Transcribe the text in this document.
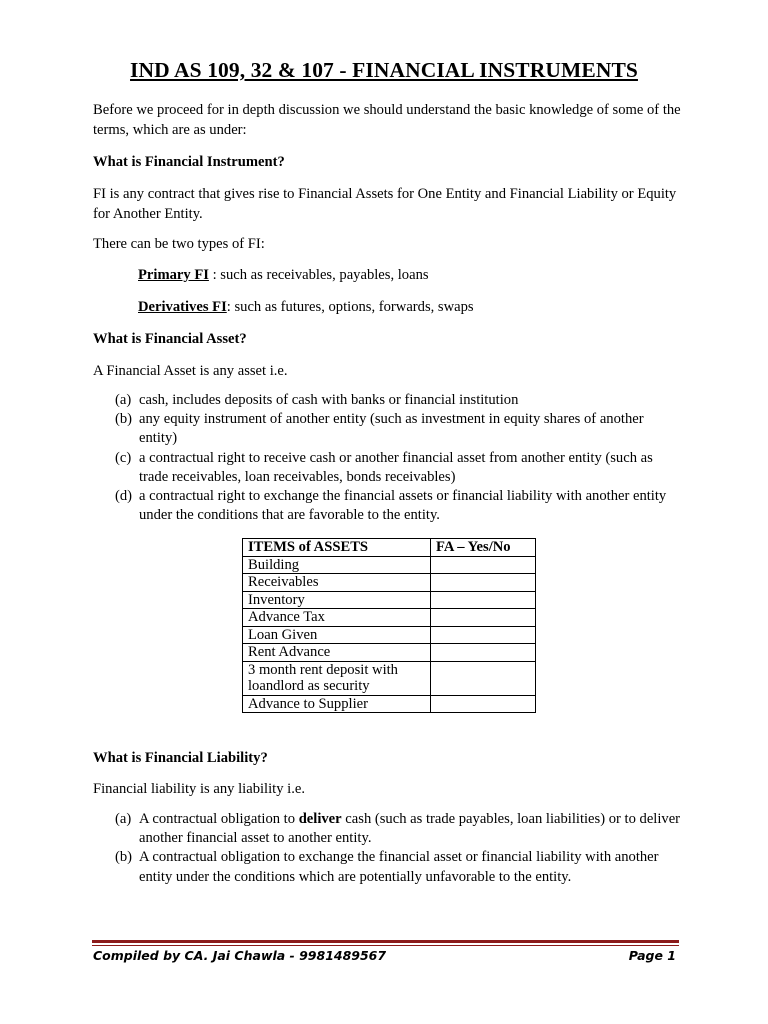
IND AS 109, 32 & 107 - FINANCIAL INSTRUMENTS
Before we proceed for in depth discussion we should understand the basic knowledge of some of the terms, which are as under:
What is Financial Instrument?
FI is any contract that gives rise to Financial Assets for One Entity and Financial Liability or Equity for Another Entity.
There can be two types of FI:
Primary FI : such as receivables, payables, loans
Derivatives FI: such as futures, options, forwards, swaps
What is Financial Asset?
A Financial Asset is any asset i.e.
(a) cash, includes deposits of cash with banks or financial institution
(b) any equity instrument of another entity (such as investment in equity shares of another entity)
(c) a contractual right to receive cash or another financial asset from another entity (such as trade receivables, loan receivables, bonds receivables)
(d) a contractual right to exchange the financial assets or financial liability with another entity under the conditions that are favorable to the entity.
ITEMS of ASSETS	FA – Yes/No
Building	
Receivables	
Inventory	
Advance Tax	
Loan Given	
Rent Advance	
3 month rent deposit with loandlord as security	
Advance to Supplier	
What is Financial Liability?
Financial liability is any liability i.e.
(a) A contractual obligation to deliver cash (such as trade payables, loan liabilities) or to deliver another financial asset to another entity.
(b) A contractual obligation to exchange the financial asset or financial liability with another entity under the conditions which are potentially unfavorable to the entity.
Compiled by CA. Jai Chawla - 9981489567	Page 1
